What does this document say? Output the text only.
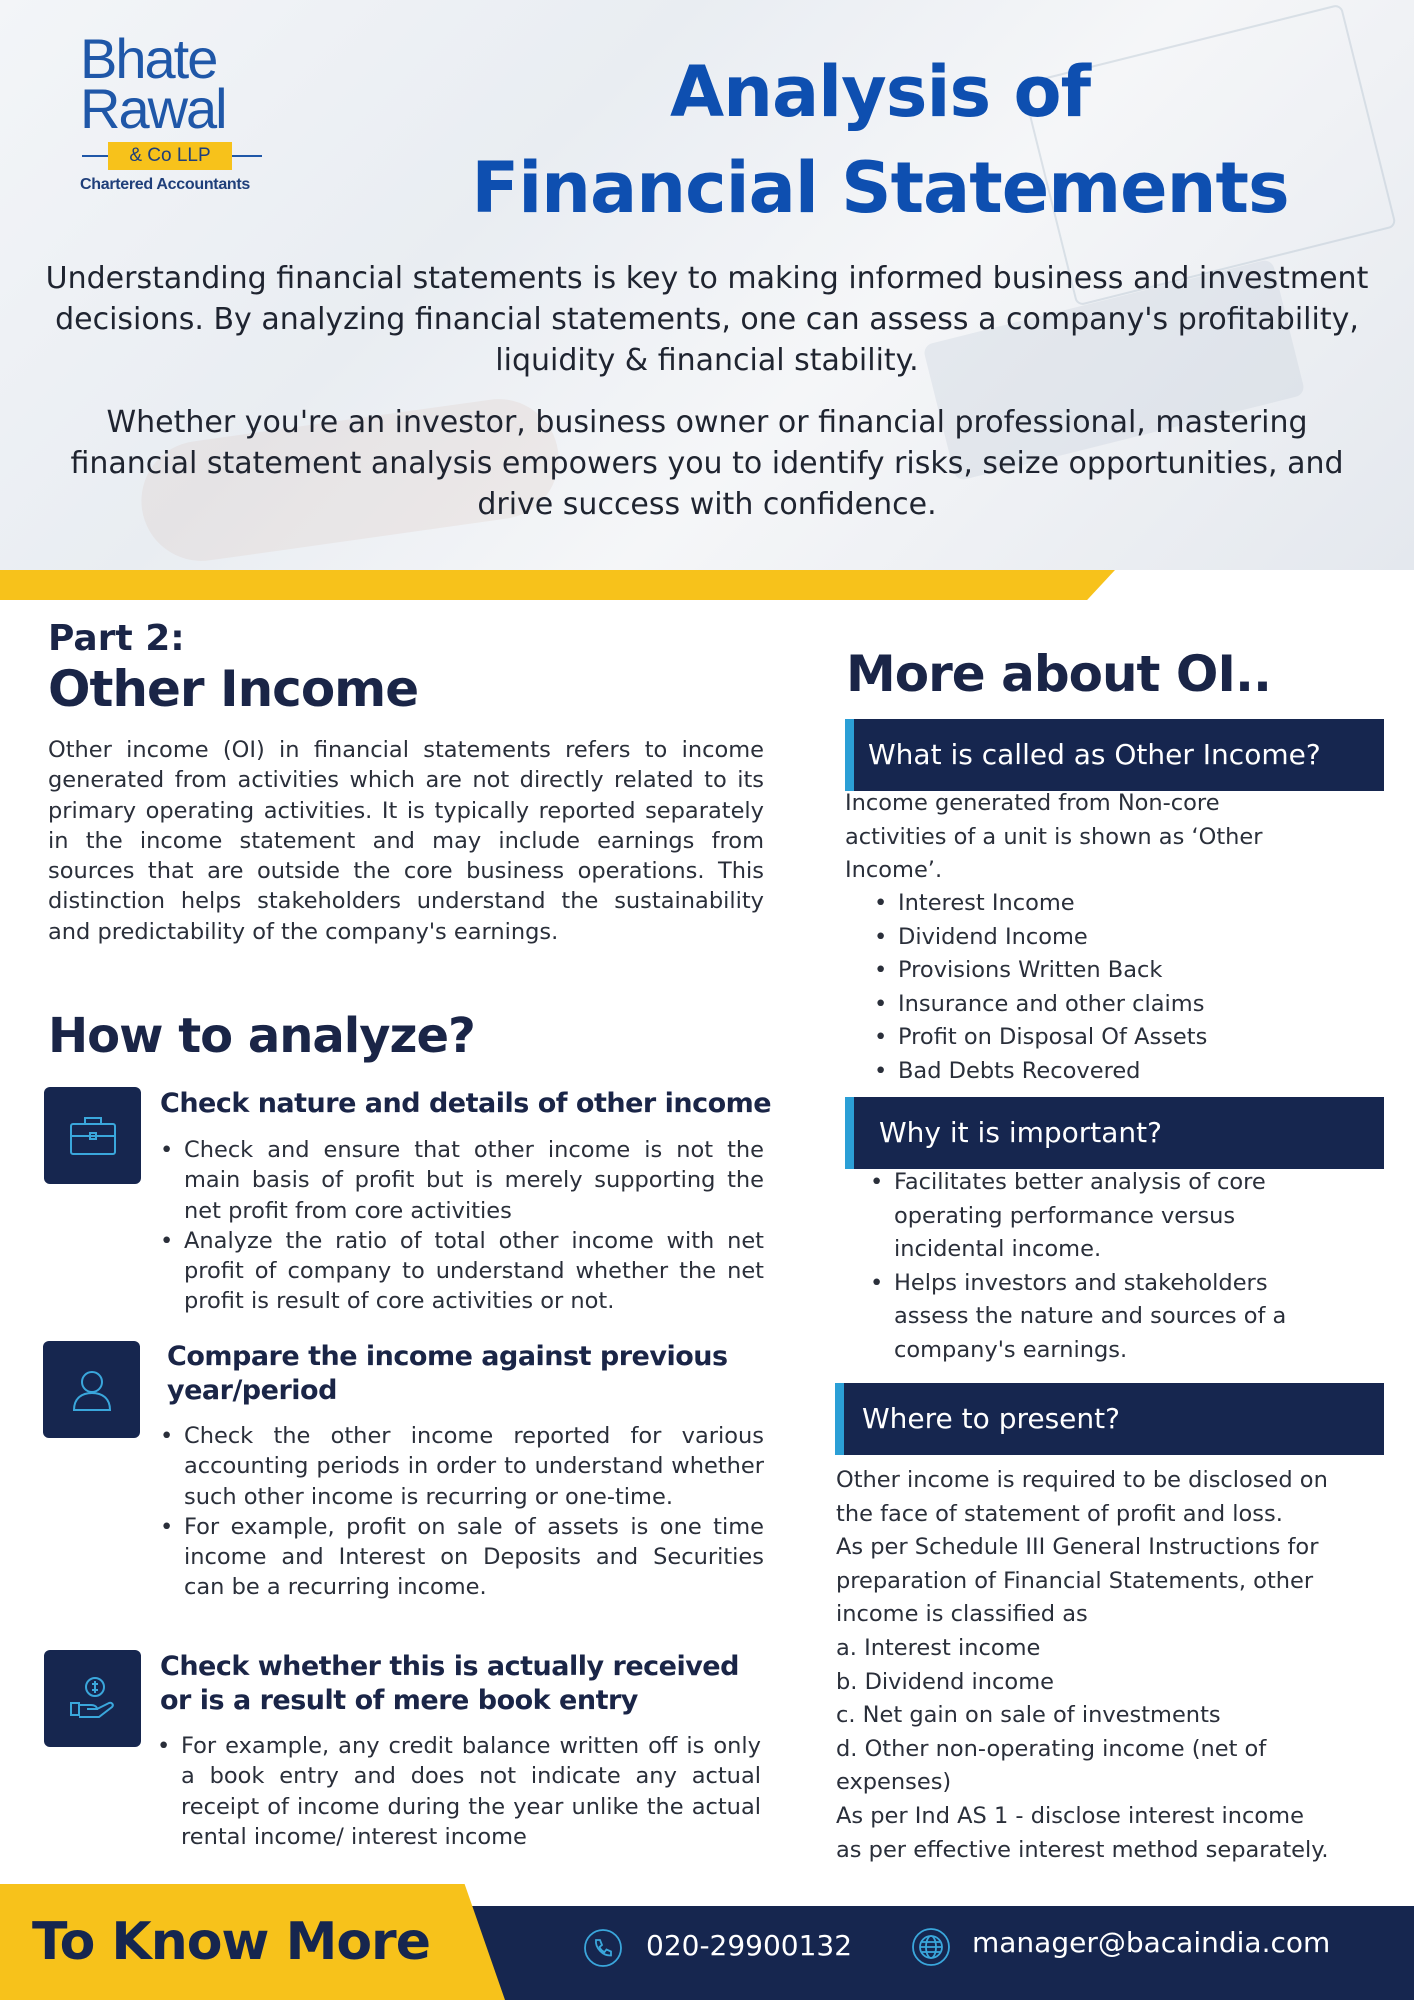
Bhate
Rawal
& Co LLP
Chartered Accountants
Analysis of
Financial Statements
Understanding financial statements is key to making informed business and investment decisions. By analyzing financial statements, one can assess a company's profitability, liquidity & financial stability.
Whether you're an investor, business owner or financial professional, mastering financial statement analysis empowers you to identify risks, seize opportunities, and drive success with confidence.
Part 2:
Other Income
Other income (OI) in financial statements refers to income generated from activities which are not directly related to its primary operating activities. It is typically reported separately in the income statement and may include earnings from sources that are outside the core business operations. This distinction helps stakeholders understand the sustainability and predictability of the company's earnings.
How to analyze?
Check nature and details of other income
• Check and ensure that other income is not the main basis of profit but is merely supporting the net profit from core activities
• Analyze the ratio of total other income with net profit of company to understand whether the net profit is result of core activities or not.
Compare the income against previous
year/period
• Check the other income reported for various accounting periods in order to understand whether such other income is recurring or one-time.
• For example, profit on sale of assets is one time income and Interest on Deposits and Securities can be a recurring income.
Check whether this is actually received
or is a result of mere book entry
• For example, any credit balance written off is only a book entry and does not indicate any actual receipt of income during the year unlike the actual rental income/ interest income
More about OI..
What is called as Other Income?
Income generated from Non-core
activities of a unit is shown as ‘Other
Income’.
• Interest Income
• Dividend Income
• Provisions Written Back
• Insurance and other claims
• Profit on Disposal Of Assets
• Bad Debts Recovered
Why it is important?
• Facilitates better analysis of core
operating performance versus
incidental income.
• Helps investors and stakeholders
assess the nature and sources of a
company's earnings.
Where to present?
Other income is required to be disclosed on
the face of statement of profit and loss.
As per Schedule III General Instructions for
preparation of Financial Statements, other
income is classified as
a. Interest income
b. Dividend income
c. Net gain on sale of investments
d. Other non-operating income (net of
expenses)
As per Ind AS 1 - disclose interest income
as per effective interest method separately.
To Know More	020-29900132	manager@bacaindia.com
